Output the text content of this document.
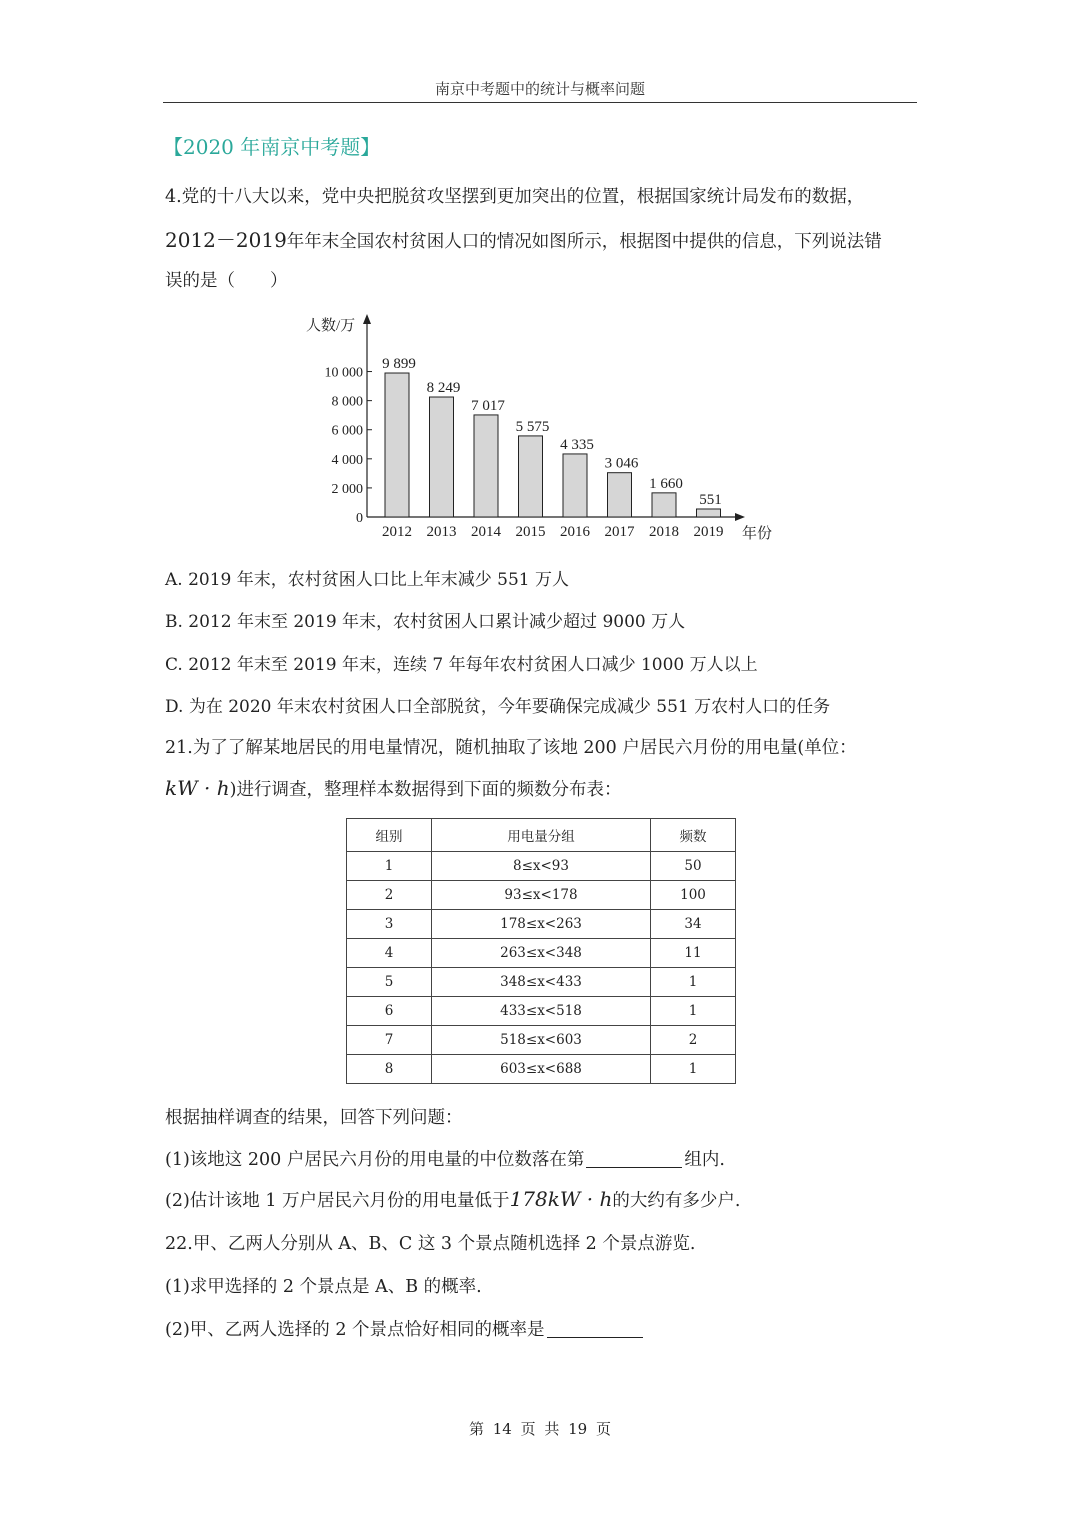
南京中考题中的统计与概率问题
【2020 年南京中考题】
4.党的十八大以来，党中央把脱贫攻坚摆到更加突出的位置，根据国家统计局发布的数据，
2012－2019年年末全国农村贫困人口的情况如图所示，根据图中提供的信息，下列说法错
误的是（　　）
人数/万
年份
0
2 000
4 000
6 000
8 000
10 000
9 899
2012
8 249
2013
7 017
2014
5 575
2015
4 335
2016
3 046
2017
1 660
2018
551
2019
A. 2019 年末，农村贫困人口比上年末减少 551 万人
B. 2012 年末至 2019 年末，农村贫困人口累计减少超过 9000 万人
C. 2012 年末至 2019 年末，连续 7 年每年农村贫困人口减少 1000 万人以上
D. 为在 2020 年末农村贫困人口全部脱贫，今年要确保完成减少 551 万农村人口的任务
21.为了了解某地居民的用电量情况，随机抽取了该地 200 户居民六月份的用电量(单位：
kW · h)进行调查，整理样本数据得到下面的频数分布表：
组别	用电量分组	频数
1	8≤x<93	50
2	93≤x<178	100
3	178≤x<263	34
4	263≤x<348	11
5	348≤x<433	1
6	433≤x<518	1
7	518≤x<603	2
8	603≤x<688	1
根据抽样调查的结果，回答下列问题：
(1)该地这 200 户居民六月份的用电量的中位数落在第	组内.
(2)估计该地 1 万户居民六月份的用电量低于178kW · h的大约有多少户.
22.甲、乙两人分别从 A、B、C 这 3 个景点随机选择 2 个景点游览.
(1)求甲选择的 2 个景点是 A、B 的概率.
(2)甲、乙两人选择的 2 个景点恰好相同的概率是
第 14 页 共 19 页
